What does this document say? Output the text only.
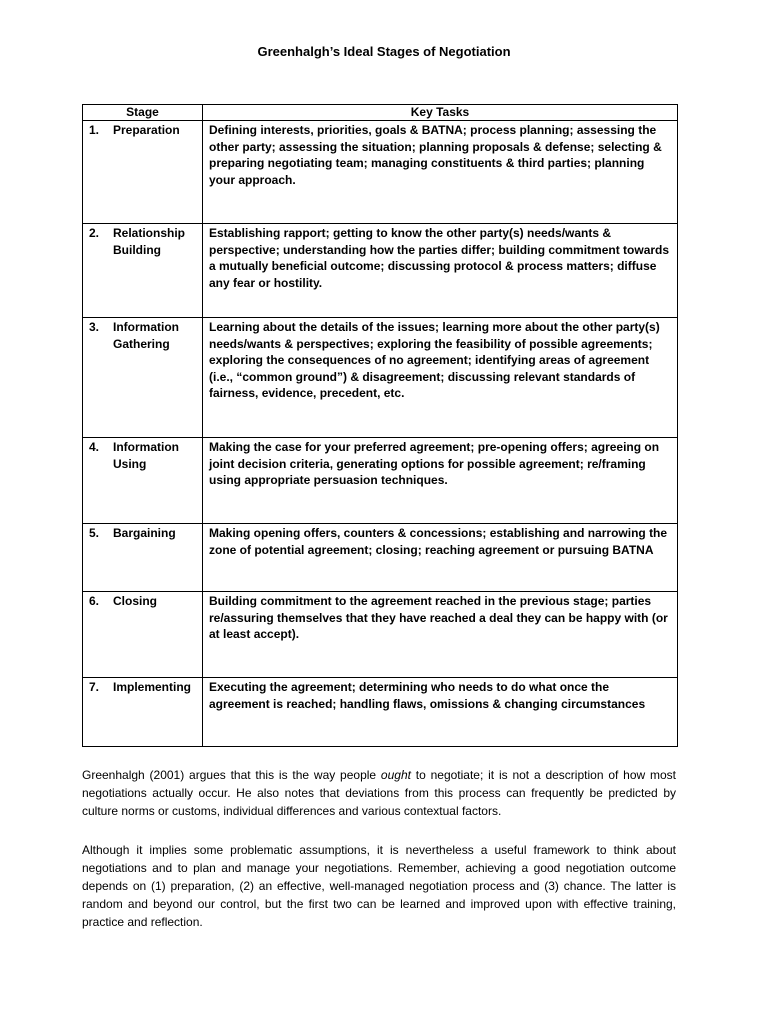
Greenhalgh’s Ideal Stages of Negotiation
Stage	Key Tasks

1. Preparation	Defining interests, priorities, goals & BATNA; process planning; assessing the other party; assessing the situation; planning proposals & defense; selecting & preparing negotiating team; managing constituents & third parties; planning your approach.

2. Relationship Building	Establishing rapport; getting to know the other party(s) needs/wants & perspective; understanding how the parties differ; building commitment towards a mutually beneficial outcome; discussing protocol & process matters; diffuse any fear or hostility.

3. Information Gathering	Learning about the details of the issues; learning more about the other party(s) needs/wants & perspectives; exploring the feasibility of possible agreements; exploring the consequences of no agreement; identifying areas of agreement (i.e., “common ground”) & disagreement; discussing relevant standards of fairness, evidence, precedent, etc.

4. Information Using	Making the case for your preferred agreement; pre-opening offers; agreeing on joint decision criteria, generating options for possible agreement; re/framing using appropriate persuasion techniques.

5. Bargaining	Making opening offers, counters & concessions; establishing and narrowing the zone of potential agreement; closing; reaching agreement or pursuing BATNA

6. Closing	Building commitment to the agreement reached in the previous stage; parties re/assuring themselves that they have reached a deal they can be happy with (or at least accept).

7. Implementing	Executing the agreement; determining who needs to do what once the agreement is reached; handling flaws, omissions & changing circumstances

Greenhalgh (2001) argues that this is the way people ought to negotiate; it is not a description of how most negotiations actually occur. He also notes that deviations from this process can frequently be predicted by culture norms or customs, individual differences and various contextual factors.

Although it implies some problematic assumptions, it is nevertheless a useful framework to think about negotiations and to plan and manage your negotiations. Remember, achieving a good negotiation outcome depends on (1) preparation, (2) an effective, well-managed negotiation process and (3) chance. The latter is random and beyond our control, but the first two can be learned and improved upon with effective training, practice and reflection.
